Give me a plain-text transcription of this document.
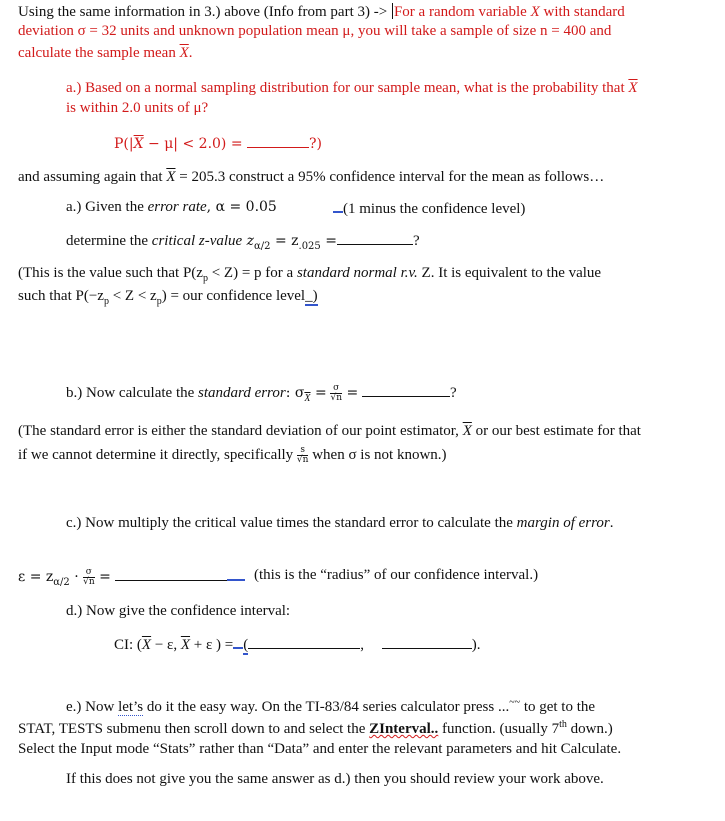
Using the same information in 3.) above (Info from part 3) -> For a random variable X with standard
deviation σ = 32 units and unknown population mean μ, you will take a sample of size n = 400 and
calculate the sample mean $\overline{X}$.
a.) Based on a normal sampling distribution for our sample mean, what is the probability that $\overline{X}$
is within 2.0 units of μ?
$P(|\overline{X} - \mu| < 2.0)$ =	?)
and assuming again that $\overline{X} = 205.3$ construct a 95% confidence interval for the mean as follows…
a.) Given the error rate, α = 0.05	(1 minus the confidence level)
determine the critical z-value $z_{\alpha/2} = z_{.025}$ =	?
(This is the value such that $P(z_p < Z) = p$ for a standard normal r.v. Z. It is equivalent to the value
such that $P(-z_p < Z < z_p)$ = our confidence level_)
b.) Now calculate the standard error: $\sigma_{\overline{X}} = \frac{\sigma}{√n}$ =	?
(The standard error is either the standard deviation of our point estimator, $\overline{X}$ or our best estimate for that
if we cannot determine it directly, specifically $\frac{s}{√n}$ when σ is not known.)
c.) Now multiply the critical value times the standard error to calculate the margin of error.
$\varepsilon = z_{\alpha/2} \cdot \frac{\sigma}{√n}$ =	(this is the “radius” of our confidence interval.)
d.) Now give the confidence interval:
CI: ($\overline{X} - \varepsilon$, $\overline{X} + \varepsilon$ ) = (	,	).
e.) Now let’s do it the easy way. On the TI-83/84 series calculator press ...~~ to get to the
STAT, TESTS submenu then scroll down to and select the ZInterval.. function. (usually 7th down.)
Select the Input mode “Stats” rather than “Data” and enter the relevant parameters and hit Calculate.
If this does not give you the same answer as d.) then you should review your work above.
